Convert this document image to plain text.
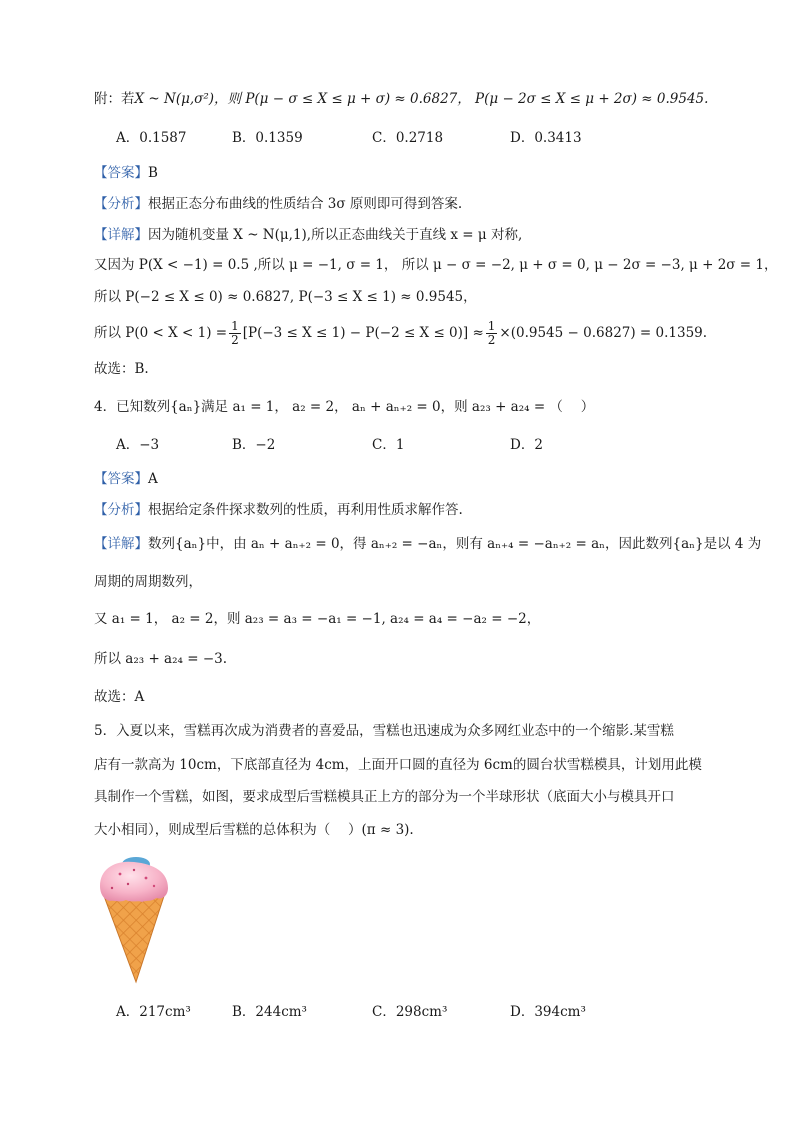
附：若X ~ N(μ,σ²)，则 P(μ − σ ≤ X ≤ μ + σ) ≈ 0.6827， P(μ − 2σ ≤ X ≤ μ + 2σ) ≈ 0.9545.
A．0.1587	B．0.1359	C．0.2718	D．0.3413
【答案】B
【分析】根据正态分布曲线的性质结合 3σ 原则即可得到答案.
【详解】因为随机变量 X ~ N(μ,1),所以正态曲线关于直线 x = μ 对称,
又因为 P(X < −1) = 0.5 ,所以 μ = −1, σ = 1， 所以 μ − σ = −2, μ + σ = 0, μ − 2σ = −3, μ + 2σ = 1，
所以 P(−2 ≤ X ≤ 0) ≈ 0.6827, P(−3 ≤ X ≤ 1) ≈ 0.9545，
所以 $P(0 < X < 1) = \frac{1}{2} [P(-3 \le X \le 1) - P(-2 \le X \le 0)] \approx \frac{1}{2} \times(0.9545 - 0.6827) = 0.1359$.
故选：B.
4．已知数列{aₙ}满足 a₁ = 1， a₂ = 2， aₙ + aₙ₊₂ = 0，则 a₂₃ + a₂₄ = （　 ）
A．−3	B．−2	C．1	D．2
【答案】A
【分析】根据给定条件探求数列的性质，再利用性质求解作答.
【详解】数列{aₙ}中，由 aₙ + aₙ₊₂ = 0，得 aₙ₊₂ = −aₙ，则有 aₙ₊₄ = −aₙ₊₂ = aₙ，因此数列{aₙ}是以 4 为
周期的周期数列，
又 a₁ = 1， a₂ = 2，则 a₂₃ = a₃ = −a₁ = −1, a₂₄ = a₄ = −a₂ = −2，
所以 a₂₃ + a₂₄ = −3.
故选：A
5．入夏以来，雪糕再次成为消费者的喜爱品，雪糕也迅速成为众多网红业态中的一个缩影.某雪糕
店有一款高为 10cm，下底部直径为 4cm，上面开口圆的直径为 6cm的圆台状雪糕模具，计划用此模
具制作一个雪糕，如图，要求成型后雪糕模具正上方的部分为一个半球形状（底面大小与模具开口
大小相同），则成型后雪糕的总体积为（　 ）(π ≈ 3).
A．217cm³	B．244cm³	C．298cm³	D．394cm³
